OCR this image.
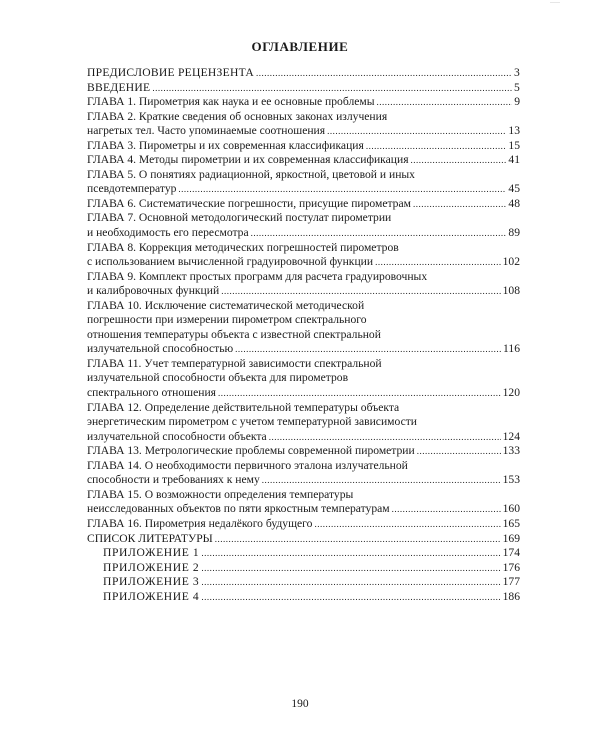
ОГЛАВЛЕНИЕ
ПРЕДИСЛОВИЕ РЕЦЕНЗЕНТА .....	3
ВВЕДЕНИЕ .....	5
ГЛАВА 1. Пирометрия как наука и ее основные проблемы .....	9
ГЛАВА 2. Краткие сведения об основных законах излучения
нагретых тел. Часто упоминаемые соотношения .....	13
ГЛАВА 3. Пирометры и их современная классификация .....	15
ГЛАВА 4. Методы пирометрии и их современная классификация .....	41
ГЛАВА 5. О понятиях радиационной, яркостной, цветовой и иных
псевдотемператур .....	45
ГЛАВА 6. Систематические погрешности, присущие пирометрам .....	48
ГЛАВА 7. Основной методологический постулат пирометрии
и необходимость его пересмотра .....	89
ГЛАВА 8. Коррекция методических погрешностей пирометров
с использованием вычисленной градуировочной функции .....	102
ГЛАВА 9. Комплект простых программ для расчета градуировочных
и калибровочных функций .....	108
ГЛАВА 10. Исключение систематической методической
погрешности при измерении пирометром спектрального
отношения температуры объекта с известной спектральной
излучательной способностью .....	116
ГЛАВА 11. Учет температурной зависимости спектральной
излучательной способности объекта для пирометров
спектрального отношения .....	120
ГЛАВА 12. Определение действительной температуры объекта
энергетическим пирометром с учетом температурной зависимости
излучательной способности объекта .....	124
ГЛАВА 13. Метрологические проблемы современной пирометрии .....	133
ГЛАВА 14. О необходимости первичного эталона излучательной
способности и требованиях к нему .....	153
ГЛАВА 15. О возможности определения температуры
неисследованных объектов по пяти яркостным температурам .....	160
ГЛАВА 16. Пирометрия недалёкого будущего .....	165
СПИСОК ЛИТЕРАТУРЫ .....	169
ПРИЛОЖЕНИЕ 1 .....	174
ПРИЛОЖЕНИЕ 2 .....	176
ПРИЛОЖЕНИЕ 3 .....	177
ПРИЛОЖЕНИЕ 4 .....	186
190
